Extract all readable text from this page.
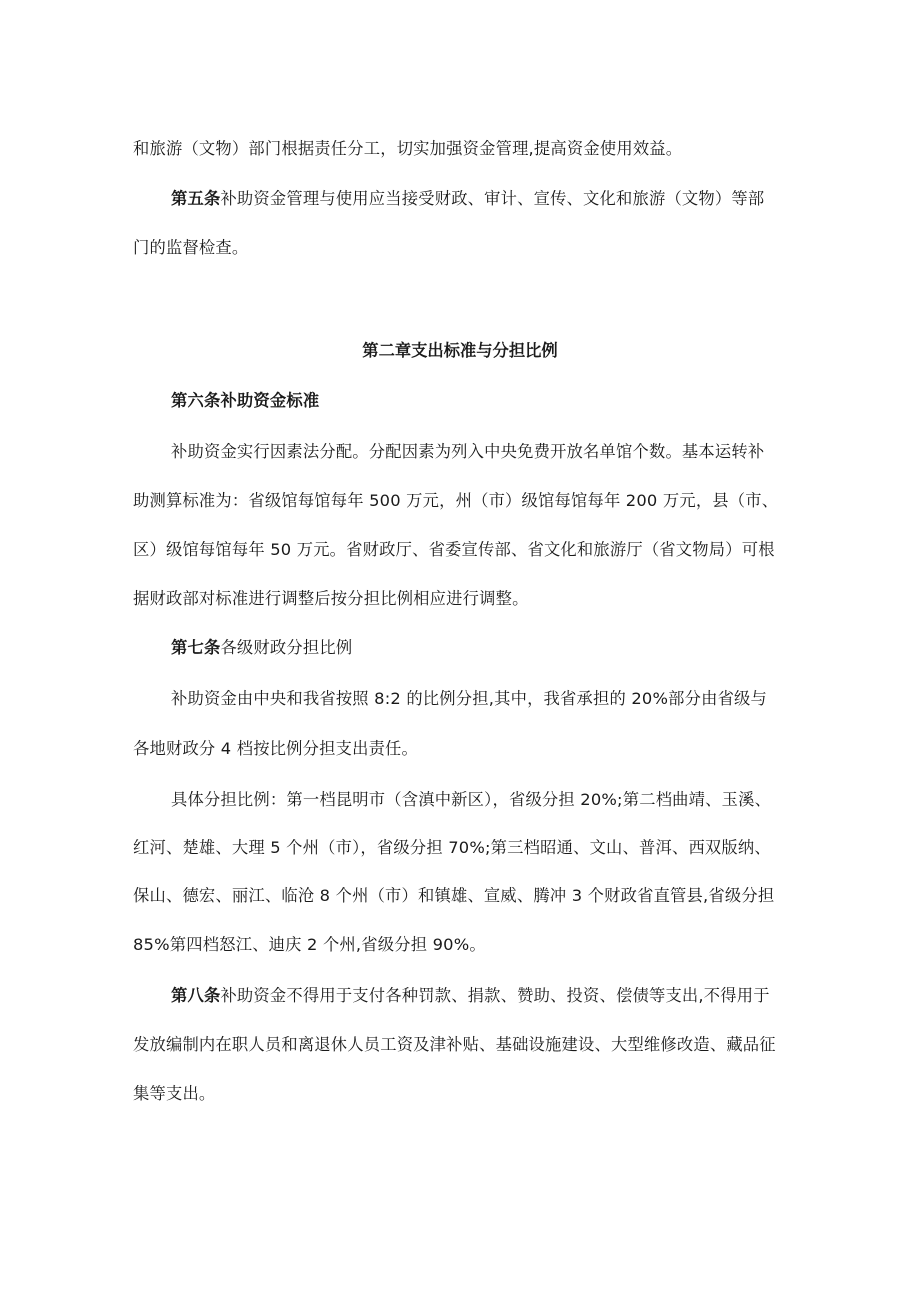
和旅游（文物）部门根据责任分工，切实加强资金管理,提高资金使用效益。
第五条补助资金管理与使用应当接受财政、审计、宣传、文化和旅游（文物）等部
门的监督检查。
第二章支出标准与分担比例
第六条补助资金标准
补助资金实行因素法分配。分配因素为列入中央免费开放名单馆个数。基本运转补
助测算标准为：省级馆每馆每年 500 万元，州（市）级馆每馆每年 200 万元，县（市、
区）级馆每馆每年 50 万元。省财政厅、省委宣传部、省文化和旅游厅（省文物局）可根
据财政部对标准进行调整后按分担比例相应进行调整。
第七条各级财政分担比例
补助资金由中央和我省按照 8:2 的比例分担,其中，我省承担的 20%部分由省级与
各地财政分 4 档按比例分担支出责任。
具体分担比例：第一档昆明市（含滇中新区），省级分担 20%;第二档曲靖、玉溪、
红河、楚雄、大理 5 个州（市），省级分担 70%;第三档昭通、文山、普洱、西双版纳、
保山、德宏、丽江、临沧 8 个州（市）和镇雄、宣威、腾冲 3 个财政省直管县,省级分担
85%第四档怒江、迪庆 2 个州,省级分担 90%。
第八条补助资金不得用于支付各种罚款、捐款、赞助、投资、偿债等支出,不得用于
发放编制内在职人员和离退休人员工资及津补贴、基础设施建设、大型维修改造、藏品征
集等支出。
